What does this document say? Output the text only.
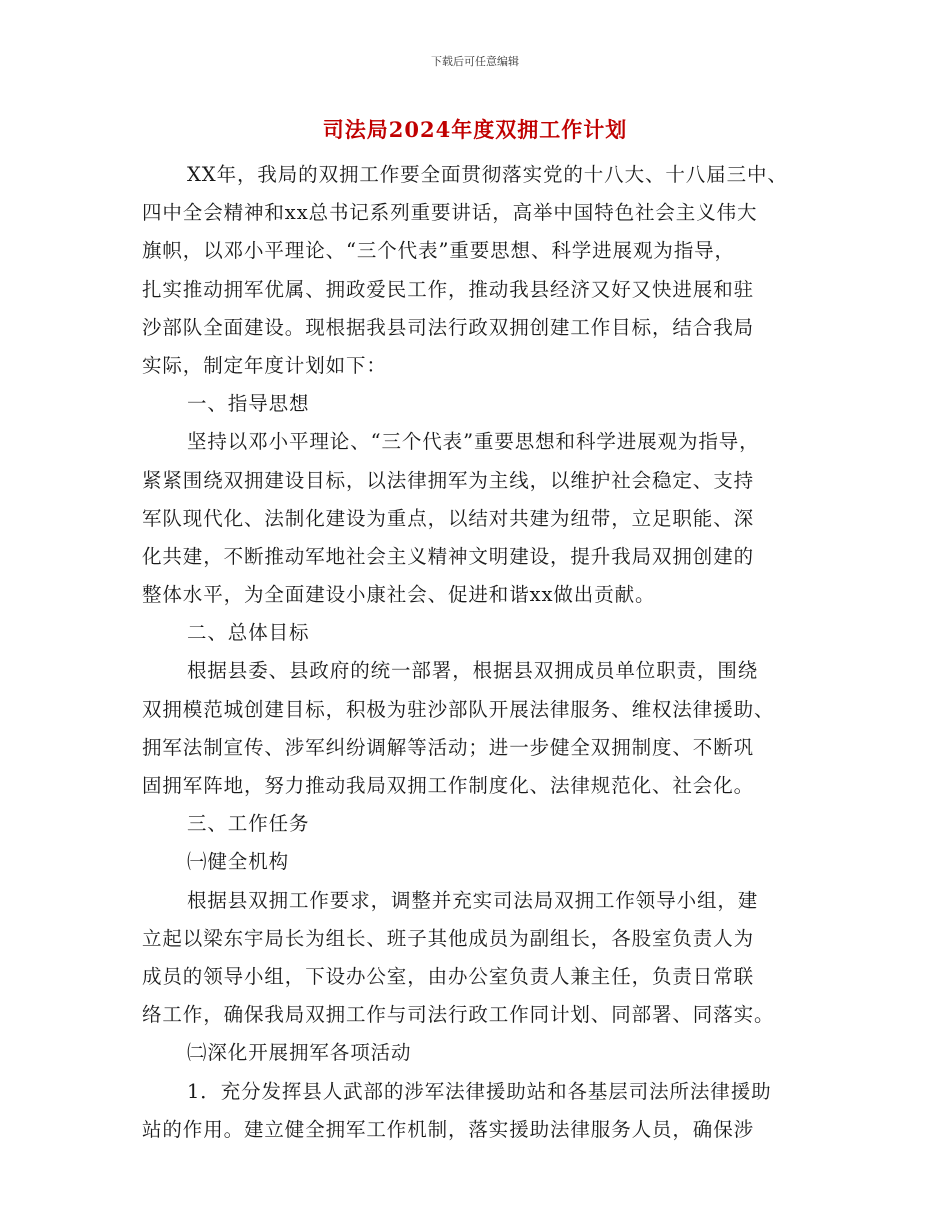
下载后可任意编辑
司法局2024年度双拥工作计划
XX年，我局的双拥工作要全面贯彻落实党的十八大、十八届三中、
四中全会精神和xx总书记系列重要讲话，高举中国特色社会主义伟大
旗帜，以邓小平理论、“三个代表”重要思想、科学进展观为指导，
扎实推动拥军优属、拥政爱民工作，推动我县经济又好又快进展和驻
沙部队全面建设。现根据我县司法行政双拥创建工作目标，结合我局
实际，制定年度计划如下：
一、指导思想
坚持以邓小平理论、“三个代表”重要思想和科学进展观为指导，
紧紧围绕双拥建设目标，以法律拥军为主线，以维护社会稳定、支持
军队现代化、法制化建设为重点，以结对共建为纽带，立足职能、深
化共建，不断推动军地社会主义精神文明建设，提升我局双拥创建的
整体水平，为全面建设小康社会、促进和谐xx做出贡献。
二、总体目标
根据县委、县政府的统一部署，根据县双拥成员单位职责，围绕
双拥模范城创建目标，积极为驻沙部队开展法律服务、维权法律援助、
拥军法制宣传、涉军纠纷调解等活动；进一步健全双拥制度、不断巩
固拥军阵地，努力推动我局双拥工作制度化、法律规范化、社会化。
三、工作任务
㈠健全机构
根据县双拥工作要求，调整并充实司法局双拥工作领导小组，建
立起以梁东宇局长为组长、班子其他成员为副组长，各股室负责人为
成员的领导小组，下设办公室，由办公室负责人兼主任，负责日常联
络工作，确保我局双拥工作与司法行政工作同计划、同部署、同落实。
㈡深化开展拥军各项活动
1．充分发挥县人武部的涉军法律援助站和各基层司法所法律援助
站的作用。建立健全拥军工作机制，落实援助法律服务人员，确保涉
